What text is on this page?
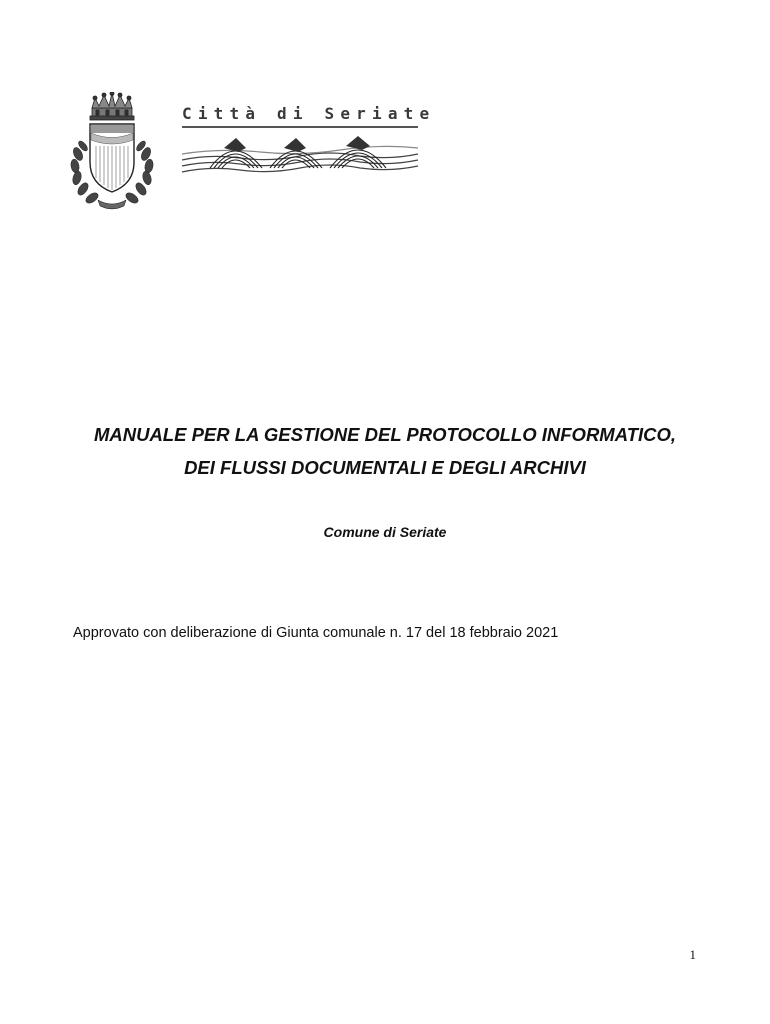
Città di Seriate
MANUALE PER LA GESTIONE DEL PROTOCOLLO INFORMATICO,
DEI FLUSSI DOCUMENTALI E DEGLI ARCHIVI
Comune di Seriate
Approvato con deliberazione di Giunta comunale n. 17 del 18 febbraio 2021
1
